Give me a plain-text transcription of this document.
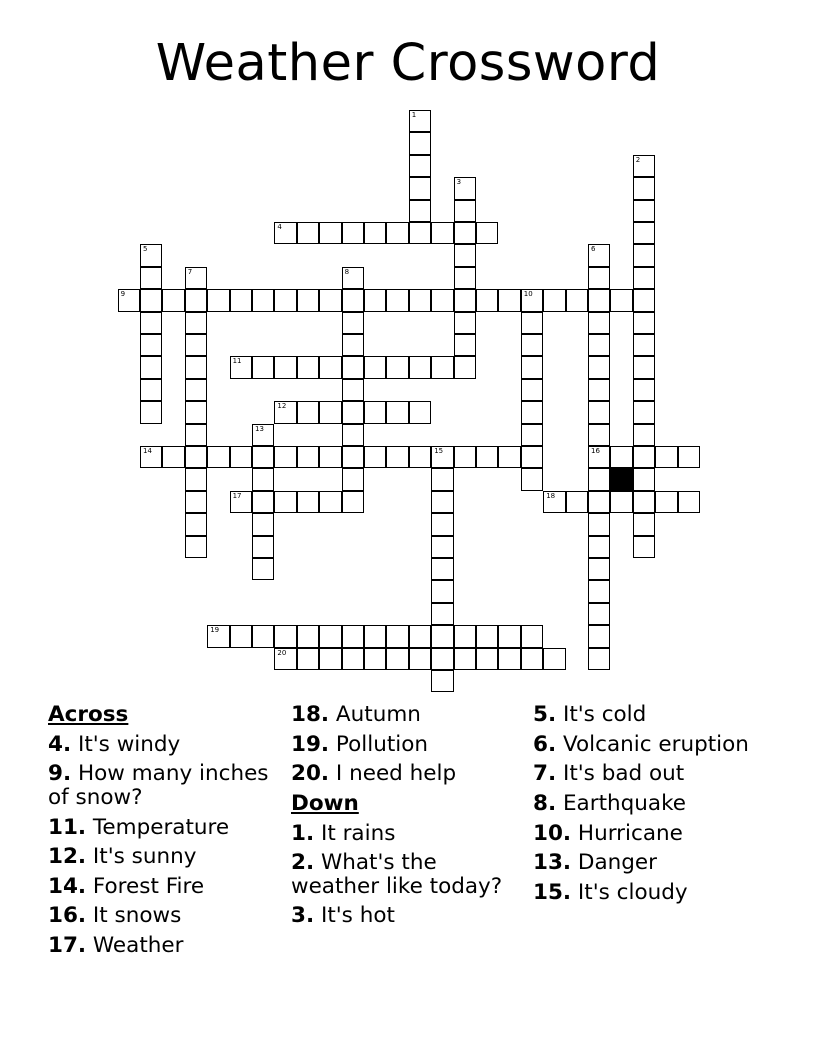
Weather Crossword
1
2
3
4
5	6
16
7	8
9	10
11
12
13
14	15
17	18
19
20
Across
4. It's windy
9. How many inches of snow?
11. Temperature
12. It's sunny
14. Forest Fire
16. It snows
17. Weather
18. Autumn
19. Pollution
20. I need help
Down
1. It rains
2. What's the weather like today?
3. It's hot
5. It's cold
6. Volcanic eruption
7. It's bad out
8. Earthquake
10. Hurricane
13. Danger
15. It's cloudy
